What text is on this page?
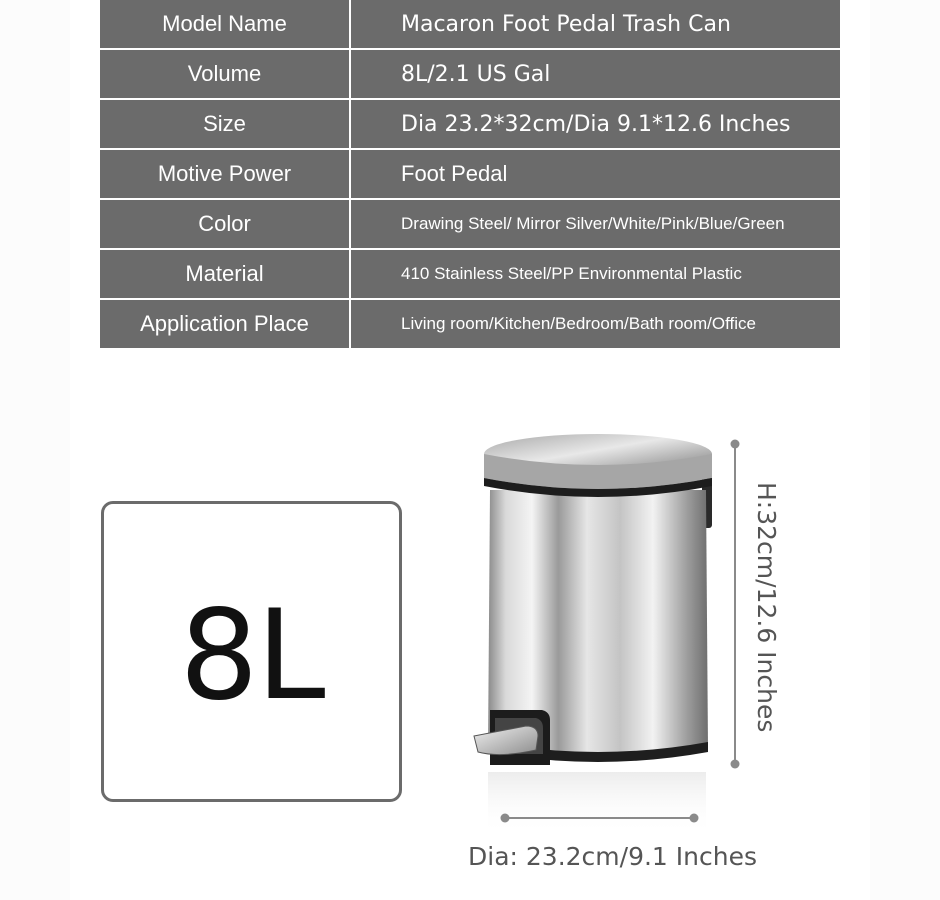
Model Name	Macaron Foot Pedal Trash Can
Volume	8L/2.1 US Gal
Size	Dia 23.2*32cm/Dia 9.1*12.6 Inches
Motive Power	Foot Pedal
Color	Drawing Steel/ Mirror Silver/White/Pink/Blue/Green
Material	410 Stainless Steel/PP Environmental Plastic
Application Place	Living room/Kitchen/Bedroom/Bath room/Office
8L	H:32cm/12.6 Inches
Dia: 23.2cm/9.1 Inches
